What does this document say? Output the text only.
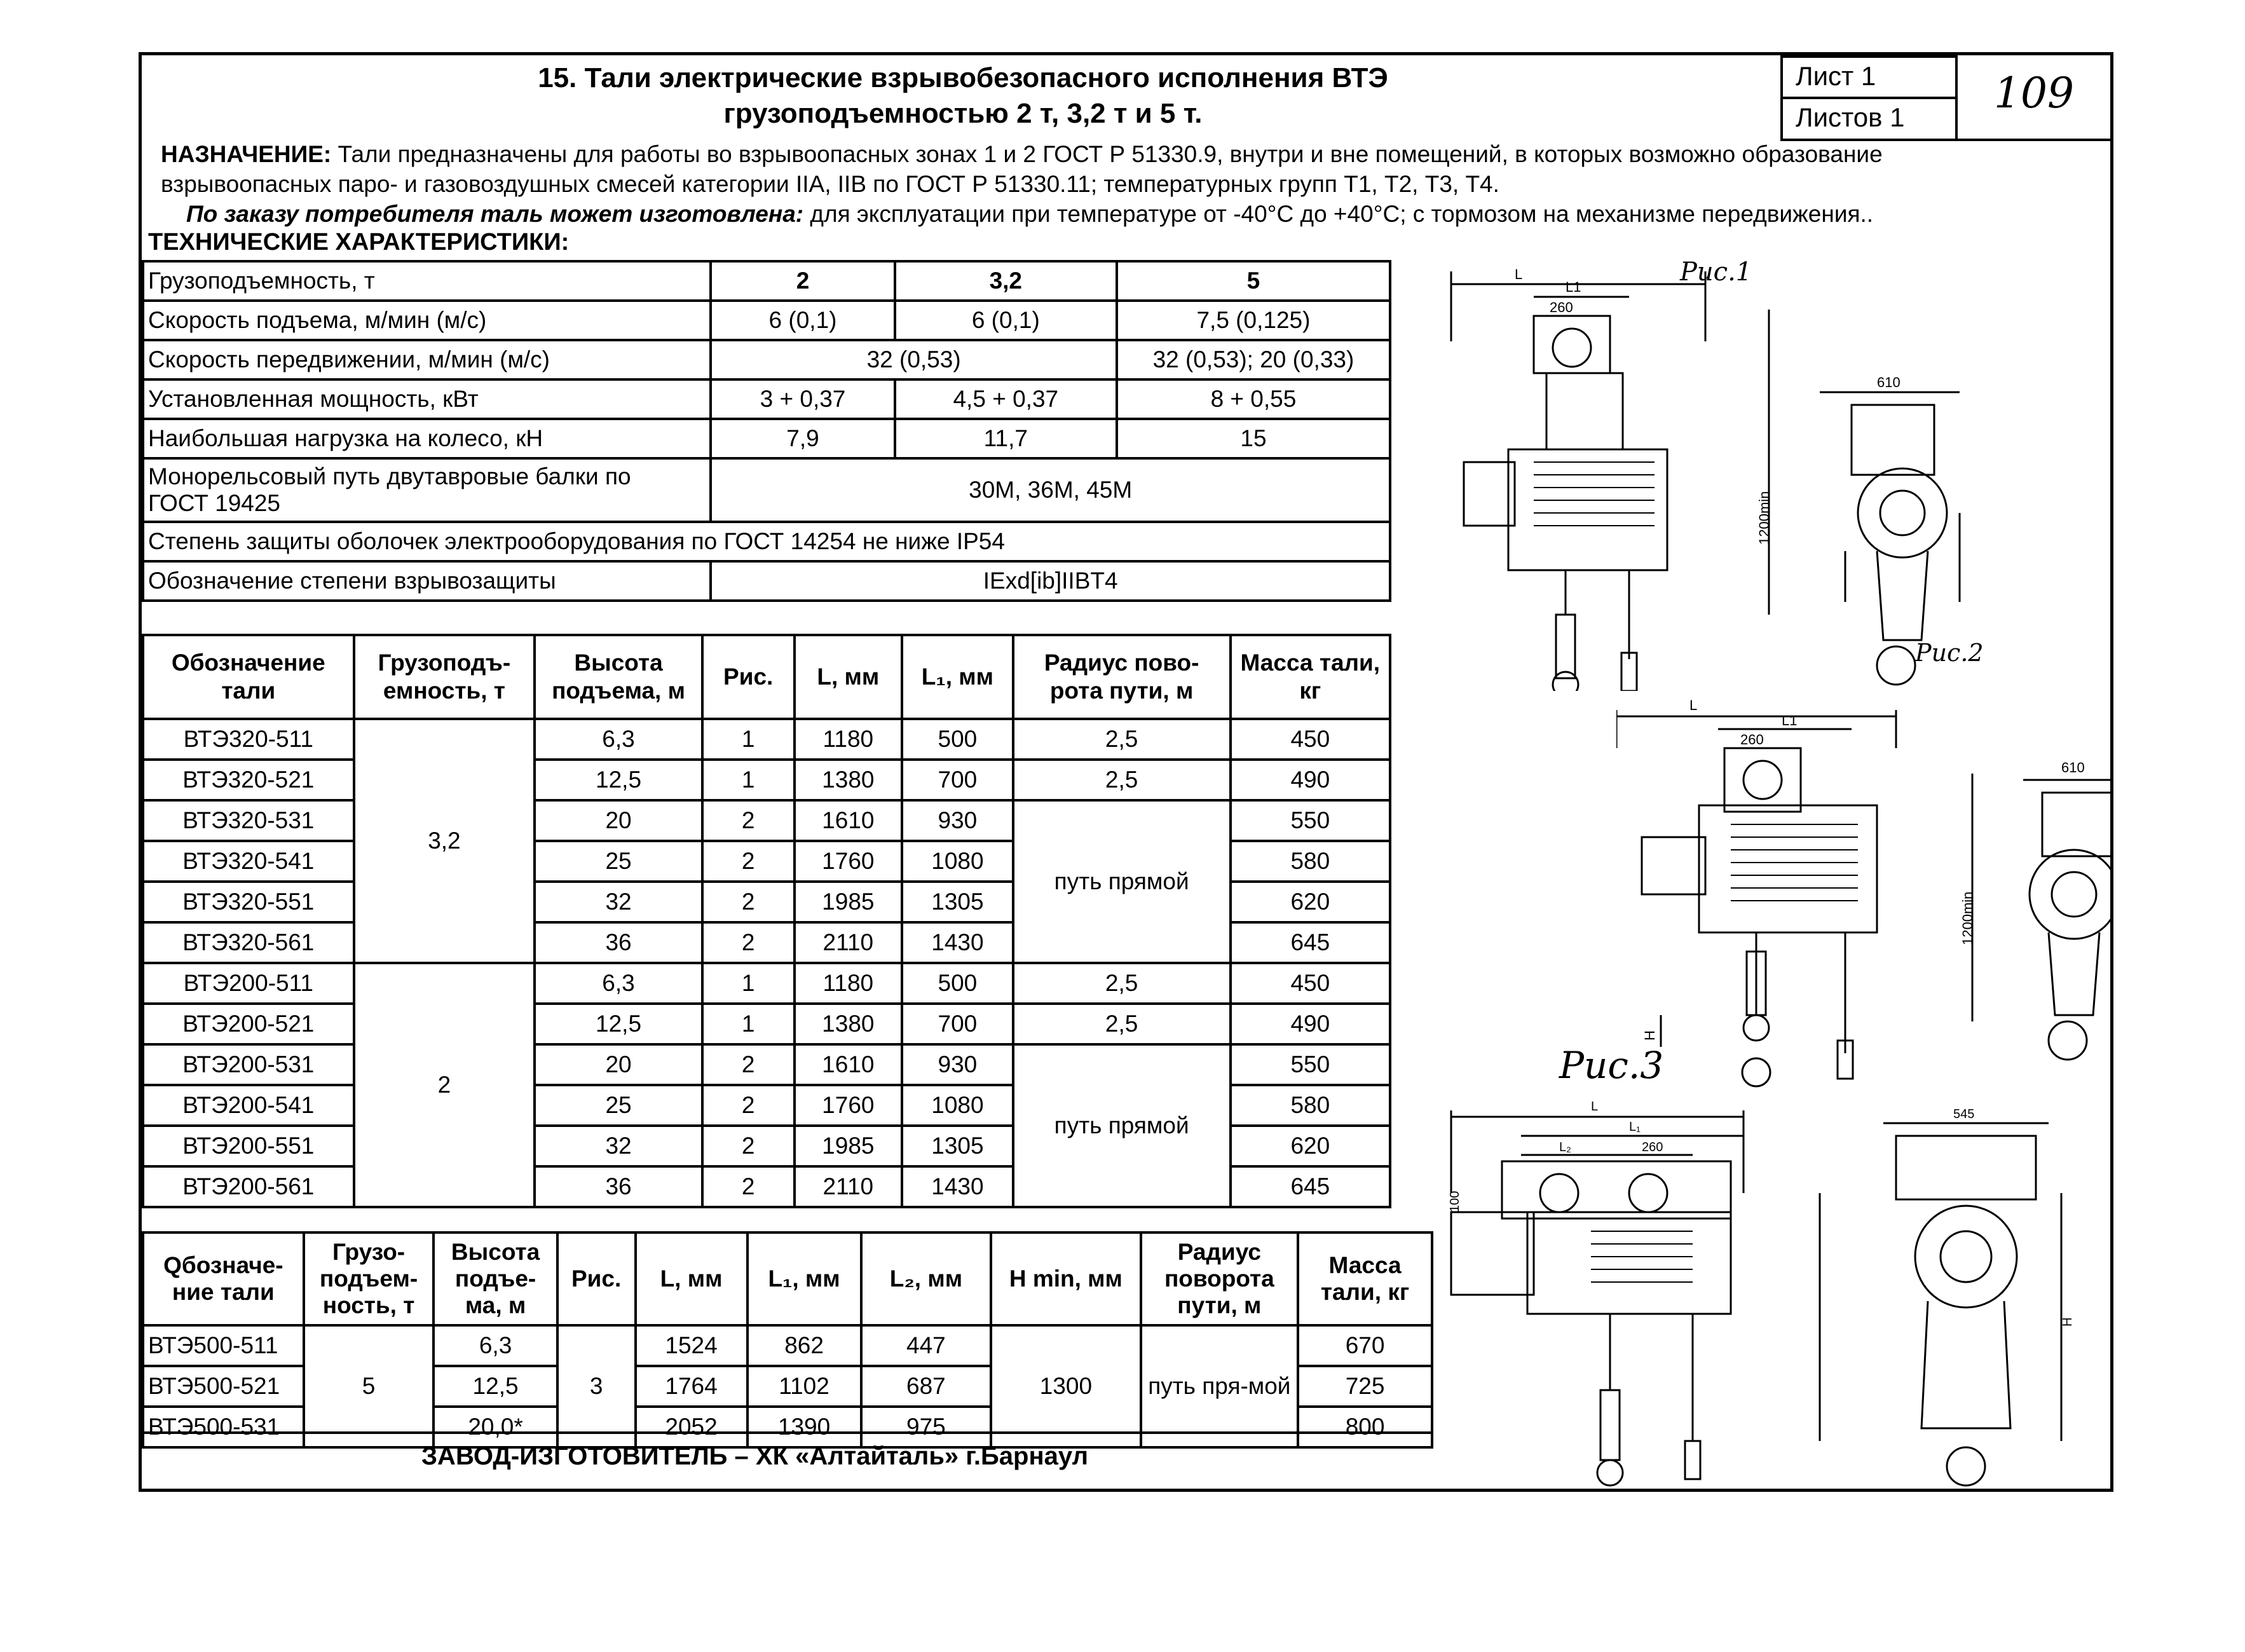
15. Тали электрические взрывобезопасного исполнения ВТЭ
грузоподъемностью 2 т, 3,2 т и 5 т.
Лист 1
Листов 1	109
НАЗНАЧЕНИЕ: Тали предназначены для работы во взрывоопасных зонах 1 и 2 ГОСТ Р 51330.9, внутри и вне помещений, в которых возможно образование
взрывоопасных паро- и газовоздушных смесей категории IIA, IIB по ГОСТ Р 51330.11; температурных групп Т1, Т2, Т3, Т4.
По заказу потребителя таль может изготовлена: для эксплуатации при температуре от -40°С до +40°С; с тормозом на механизме передвижения..
ТЕХНИЧЕСКИЕ ХАРАКТЕРИСТИКИ:
Грузоподъемность, т	2	3,2	5
Скорость подъема, м/мин (м/с)	6 (0,1)	6 (0,1)	7,5 (0,125)
Скорость передвижении, м/мин (м/с)	32 (0,53)		32 (0,53); 20 (0,33)
Установленная мощность, кВт	3 + 0,37	4,5 + 0,37	8 + 0,55
Наибольшая нагрузка на колесо, кН	7,9	11,7	15

Монорельсовый путь двутавровые балки по
ГОСТ 19425	30М, 36М, 45М		
Степень защиты оболочек электрооборудования по ГОСТ 14254 не ниже IP54			
Обозначение степени взрывозащиты	IExd[ib]IIBT4		
Обозначение тали	Грузоподъ-емность, т	Высота подъема, м	Рис.	L, мм	L₁, мм	Радиус пово-рота пути, м	Масса тали, кг
ВТЭ320-511	3,2	6,3	1	1180	500	2,5	450
ВТЭ320-521		12,5	1	1380	700	2,5	490
ВТЭ320-531		20	2	1610	930	путь прямой	550
ВТЭ320-541		25	2	1760	1080		580
ВТЭ320-551		32	2	1985	1305		620
ВТЭ320-561		36	2	2110	1430		645
ВТЭ200-511	2	6,3	1	1180	500	2,5	450
ВТЭ200-521		12,5	1	1380	700	2,5	490
ВТЭ200-531		20	2	1610	930	путь прямой	550
ВТЭ200-541		25	2	1760	1080		580
ВТЭ200-551		32	2	1985	1305		620
ВТЭ200-561		36	2	2110	1430		645
Qбозначе-ние тали	Грузо-подъем-ность, т	Высота подъе-ма, м	Рис.	L, мм	L₁, мм	L₂, мм	H min, мм	Радиус поворота пути, м	Масса тали, кг
ВТЭ500-511	5	6,3	3	1524	862	447	1300	путь пря-мой	670
ВТЭ500-521		12,5		1764	1102	687			725
ВТЭ500-531		20,0*		2052	1390	975			800
ЗАВОД-ИЗГОТОВИТЕЛЬ – ХК «Алтайталь» г.Барнаул
L
L1
260
610
1200min
Рис.1
L
L1
260
610
1200min
H
Рис.2
L
L₁
L₂	260
545
100
H
Рис.3
